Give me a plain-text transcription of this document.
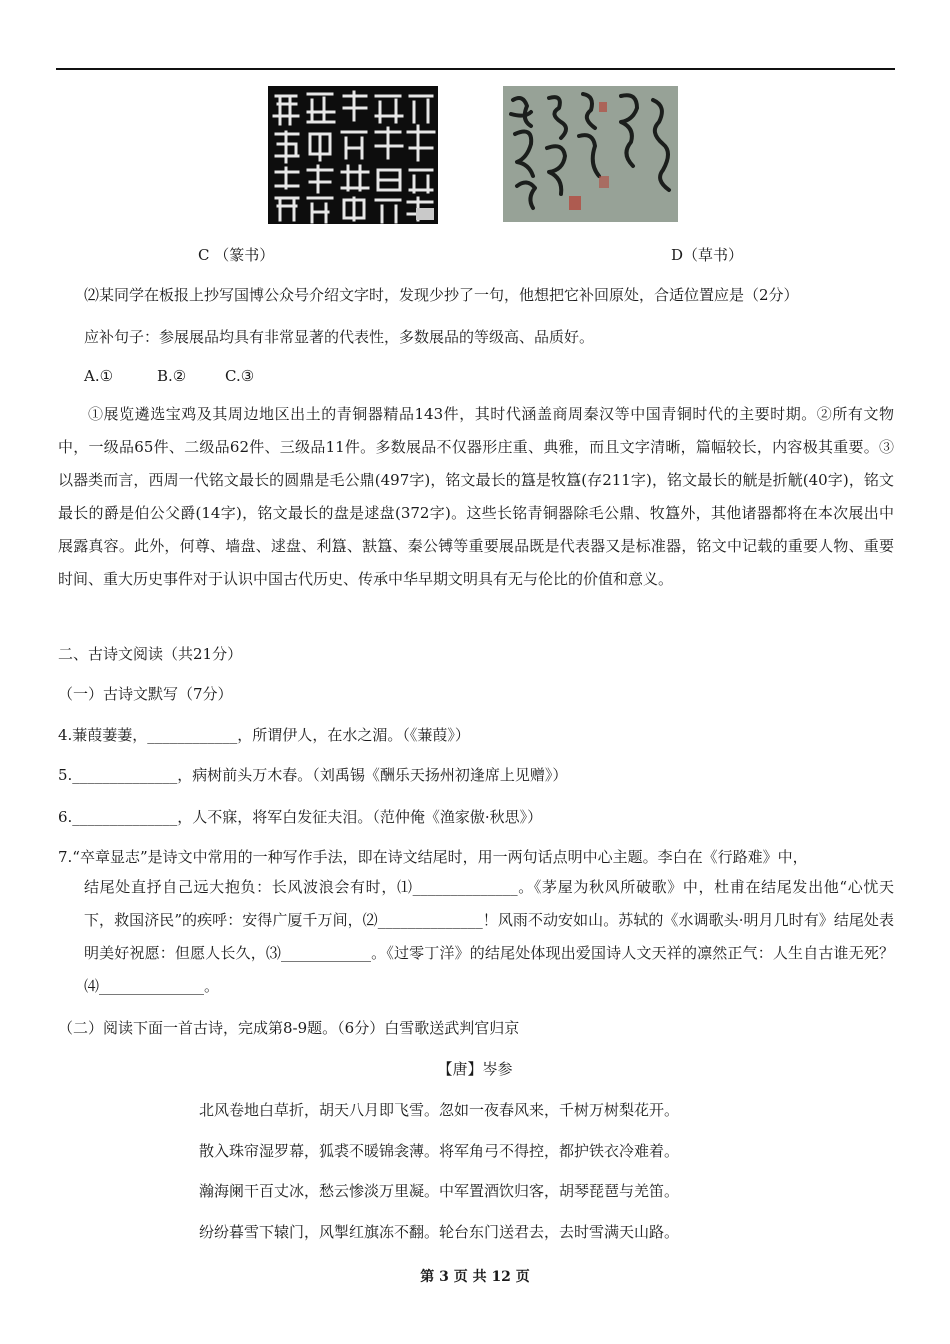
C （篆书）	D（草书）
⑵某同学在板报上抄写国博公众号介绍文字时，发现少抄了一句，他想把它补回原处，合适位置应是（2分）
应补句子：参展展品均具有非常显著的代表性，多数展品的等级高、品质好。
A.①	B.②	C.③

①展览遴选宝鸡及其周边地区出土的青铜器精品143件，其时代涵盖商周秦汉等中国青铜时代的主要时期。②所有文物中，一级品65件、二级品62件、三级品11件。多数展品不仅器形庄重、典雅，而且文字清晰，篇幅较长，内容极其重要。③以器类而言，西周一代铭文最长的圆鼎是毛公鼎(497字)，铭文最长的簋是牧簋(存211字)，铭文最长的觥是折觥(40字)，铭文最长的爵是伯公父爵(14字)，铭文最长的盘是逑盘(372字)。这些长铭青铜器除毛公鼎、牧簋外，其他诸器都将在本次展出中展露真容。此外，何尊、墙盘、逑盘、利簋、㝬簋、秦公镈等重要展品既是代表器又是标准器，铭文中记载的重要人物、重要时间、重大历史事件对于认识中国古代历史、传承中华早期文明具有无与伦比的价值和意义。

二、古诗文阅读（共21分）
（一）古诗文默写（7分）
4.蒹葭萋萋，____________，所谓伊人，在水之湄。（《蒹葭》）
5.______________，病树前头万木春。（刘禹锡《酬乐天扬州初逢席上见赠》）
6.______________，人不寐，将军白发征夫泪。（范仲俺《渔家傲·秋思》）
7.“卒章显志”是诗文中常用的一种写作手法，即在诗文结尾时，用一两句话点明中心主题。李白在《行路难》中，

结尾处直抒自己远大抱负：长风波浪会有时，⑴______________。《茅屋为秋风所破歌》中，杜甫在结尾发出他“心忧天下，救国济民”的疾呼：安得广厦千万间，⑵______________！风雨不动安如山。苏轼的《水调歌头·明月几时有》结尾处表明美好祝愿：但愿人长久，⑶____________。《过零丁洋》的结尾处体现出爱国诗人文天祥的凛然正气：人生自古谁无死？⑷______________。

（二）阅读下面一首古诗，完成第8-9题。（6分）白雪歌送武判官归京
【唐】岑参
北风卷地白草折，胡天八月即飞雪。忽如一夜春风来，千树万树梨花开。
散入珠帘湿罗幕，狐裘不暖锦衾薄。将军角弓不得控，都护铁衣冷难着。
瀚海阑干百丈冰，愁云惨淡万里凝。中军置酒饮归客，胡琴琵琶与羌笛。
纷纷暮雪下辕门，风掣红旗冻不翻。轮台东门送君去，去时雪满天山路。
第 3 页 共 12 页
